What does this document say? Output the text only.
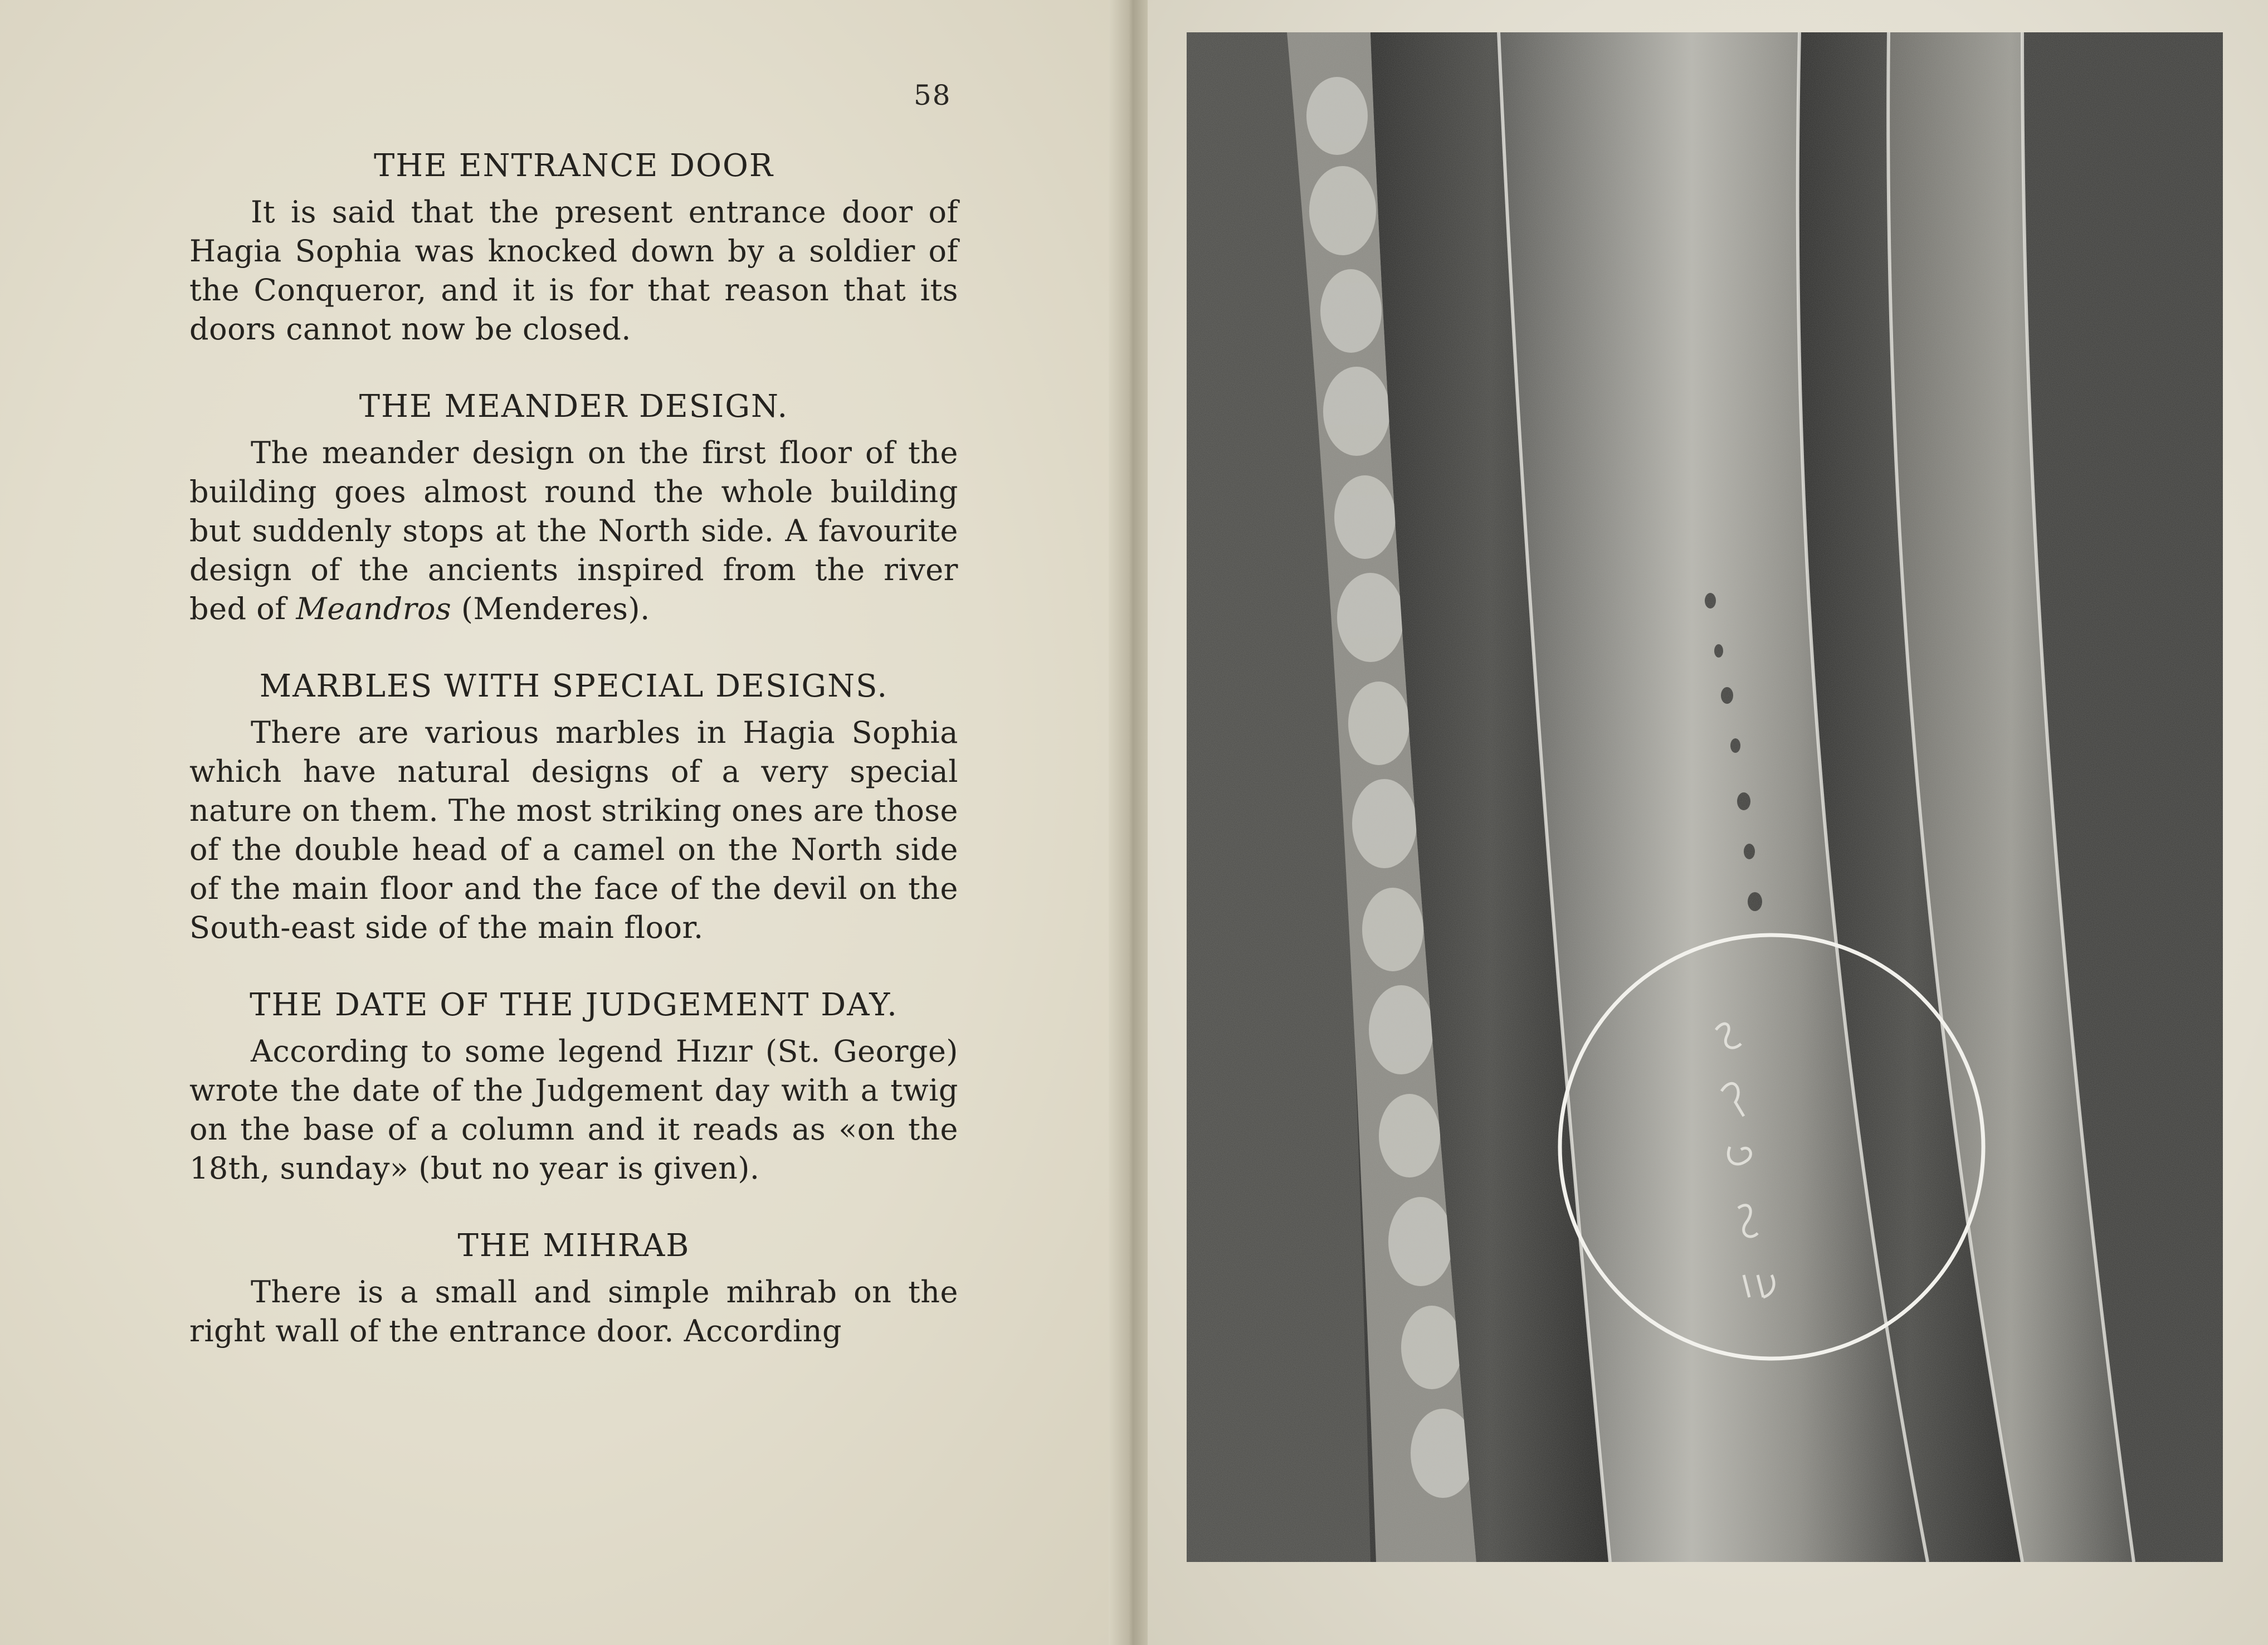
58
THE ENTRANCE DOOR

It is said that the present entrance door of Hagia Sophia was knocked down by a soldier of the Conqueror, and it is for that reason that its doors cannot now be closed.

THE MEANDER DESIGN.

The meander design on the first floor of the building goes almost round the whole building but suddenly stops at the North side. A favourite design of the ancients inspired from the river bed of Meandros (Menderes).

MARBLES WITH SPECIAL DESIGNS.

There are various marbles in Hagia Sophia which have natural designs of a very special nature on them. The most striking ones are those of the double head of a camel on the North side of the main floor and the face of the devil on the South-east side of the main floor.

THE DATE OF THE JUDGEMENT DAY.

According to some legend Hızır (St. George) wrote the date of the Judgement day with a twig on the base of a column and it reads as «on the 18th, sunday» (but no year is given).

THE MIHRAB

There is a small and simple mihrab on the right wall of the entrance door. According
